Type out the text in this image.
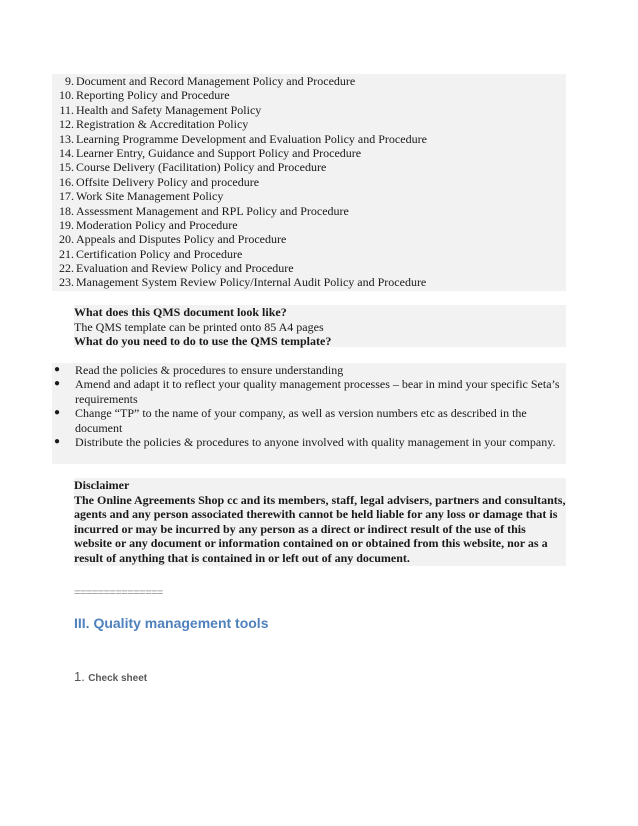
9. Document and Record Management Policy and Procedure
10. Reporting Policy and Procedure
11. Health and Safety Management Policy
12. Registration & Accreditation Policy
13. Learning Programme Development and Evaluation Policy and Procedure
14. Learner Entry, Guidance and Support Policy and Procedure
15. Course Delivery (Facilitation) Policy and Procedure
16. Offsite Delivery Policy and procedure
17. Work Site Management Policy
18. Assessment Management and RPL Policy and Procedure
19. Moderation Policy and Procedure
20. Appeals and Disputes Policy and Procedure
21. Certification Policy and Procedure
22. Evaluation and Review Policy and Procedure
23. Management System Review Policy/Internal Audit Policy and Procedure
What does this QMS document look like?
The QMS template can be printed onto 85 A4 pages
What do you need to do to use the QMS template?
● Read the policies & procedures to ensure understanding
● Amend and adapt it to reflect your quality management processes – bear in mind your specific Seta’s requirements
● Change “TP” to the name of your company, as well as version numbers etc as described in the document
● Distribute the policies & procedures to anyone involved with quality management in your company.
Disclaimer
The Online Agreements Shop cc and its members, staff, legal advisers, partners and consultants, agents and any person associated therewith cannot be held liable for any loss or damage that is incurred or may be incurred by any person as a direct or indirect result of the use of this website or any document or information contained on or obtained from this website, nor as a result of anything that is contained in or left out of any document.
===============
III. Quality management tools
1. Check sheet
